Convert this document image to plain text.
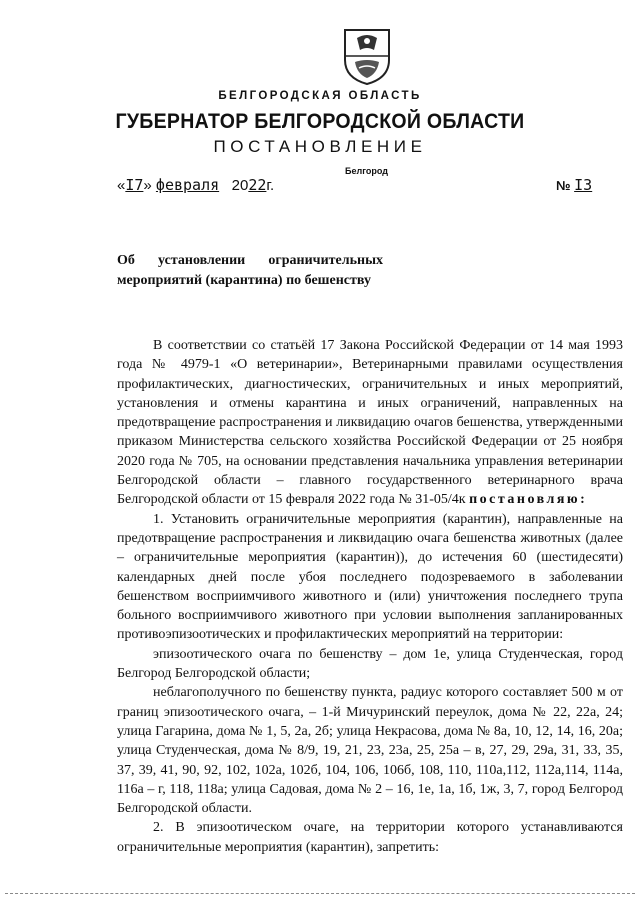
БЕЛГОРОДСКАЯ ОБЛАСТЬ
ГУБЕРНАТОР БЕЛГОРОДСКОЙ ОБЛАСТИ
ПОСТАНОВЛЕНИЕ
Белгород
«I7» февраля 2022г.	№ I3
Об установлении ограничительных
мероприятий (карантина) по бешенству

В соответствии со статьёй 17 Закона Российской Федерации от 14 мая 1993 года № 4979-1 «О ветеринарии», Ветеринарными правилами осуществления профилактических, диагностических, ограничительных и иных мероприятий, установления и отмены карантина и иных ограничений, направленных на предотвращение распространения и ликвидацию очагов бешенства, утвержденными приказом Министерства сельского хозяйства Российской Федерации от 25 ноября 2020 года № 705, на основании представления начальника управления ветеринарии Белгородской области – главного государственного ветеринарного врача Белгородской области от 15 февраля 2022 года № 31-05/4к постановляю:

1. Установить ограничительные мероприятия (карантин), направленные на предотвращение распространения и ликвидацию очага бешенства животных (далее – ограничительные мероприятия (карантин)), до истечения 60 (шестидесяти) календарных дней после убоя последнего подозреваемого в заболевании бешенством восприимчивого животного и (или) уничтожения последнего трупа больного восприимчивого животного при условии выполнения запланированных противоэпизоотических и профилактических мероприятий на территории:

эпизоотического очага по бешенству – дом 1е, улица Студенческая, город Белгород Белгородской области;

неблагополучного по бешенству пункта, радиус которого составляет 500 м от границ эпизоотического очага, – 1-й Мичуринский переулок, дома № 22, 22а, 24; улица Гагарина, дома № 1, 5, 2а, 2б; улица Некрасова, дома № 8а, 10, 12, 14, 16, 20а; улица Студенческая, дома № 8/9, 19, 21, 23, 23а, 25, 25а – в, 27, 29, 29а, 31, 33, 35, 37, 39, 41, 90, 92, 102, 102а, 102б, 104, 106, 106б, 108, 110, 110а,112, 112а,114, 114а, 116а – г, 118, 118а; улица Садовая, дома № 2 – 16, 1е, 1а, 1б, 1ж, 3, 7, город Белгород Белгородской области.

2. В эпизоотическом очаге, на территории которого устанавливаются ограничительные мероприятия (карантин), запретить:
